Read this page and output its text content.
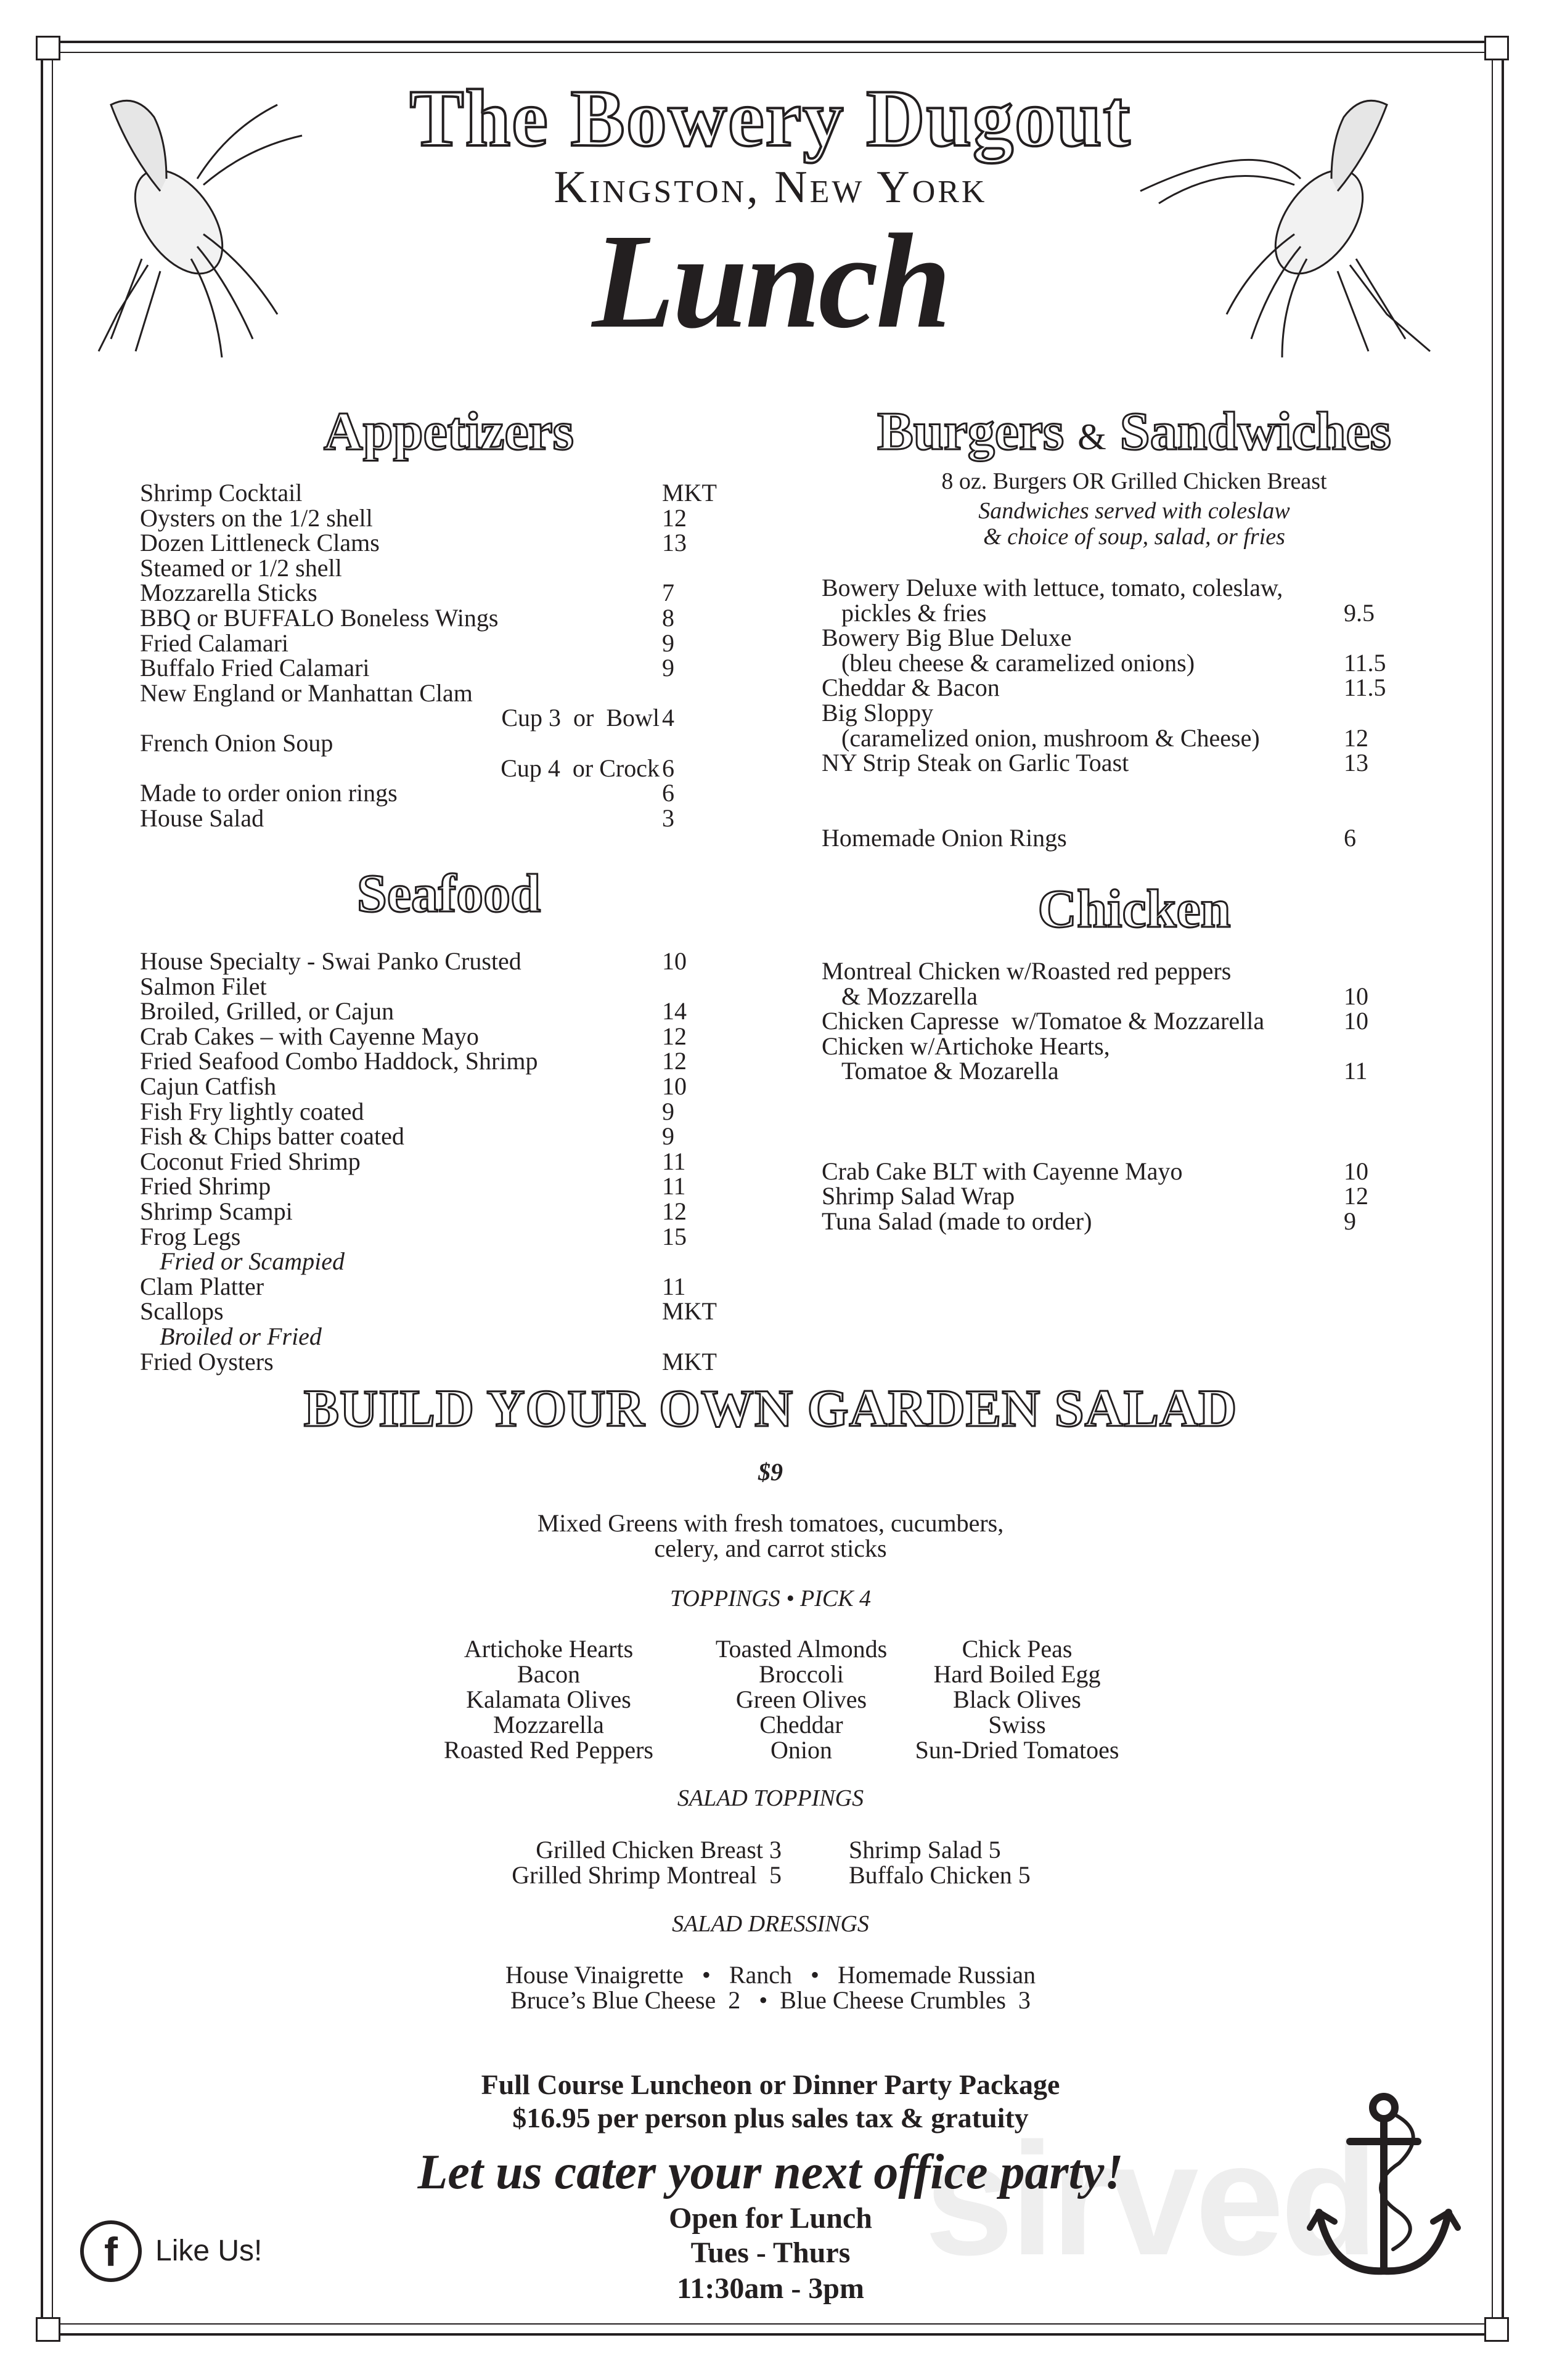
sirved
The Bowery Dugout
Kingston, New York
Lunch
Appetizers
Shrimp Cocktail	MKT
Oysters on the 1/2 shell	12
Dozen Littleneck Clams	13
Steamed or 1/2 shell
Mozzarella Sticks	7
BBQ or BUFFALO Boneless Wings	8
Fried Calamari	9
Buffalo Fried Calamari	9
New England or Manhattan Clam
Cup 3  or  Bowl 4
French Onion Soup
Cup 4  or Crock 6
Made to order onion rings	6
House Salad	3
Seafood
House Specialty - Swai Panko Crusted	10
Salmon Filet
Broiled, Grilled, or Cajun	14
Crab Cakes – with Cayenne Mayo	12
Fried Seafood Combo Haddock, Shrimp	12
Cajun Catfish	10
Fish Fry lightly coated	9
Fish & Chips batter coated	9
Coconut Fried Shrimp	11
Fried Shrimp	11
Shrimp Scampi	12
Frog Legs	15
Fried or Scampied
Clam Platter	11
Scallops	MKT
Broiled or Fried
Fried Oysters	MKT
Burgers & Sandwiches
8 oz. Burgers OR Grilled Chicken Breast
Sandwiches served with coleslaw
& choice of soup, salad, or fries
Bowery Deluxe with lettuce, tomato, coleslaw,
pickles & fries	9.5
Bowery Big Blue Deluxe
(bleu cheese & caramelized onions)	11.5
Cheddar & Bacon	11.5
Big Sloppy
(caramelized onion, mushroom & Cheese)	12
NY Strip Steak on Garlic Toast	13
Homemade Onion Rings	6
Chicken
Montreal Chicken w/Roasted red peppers
& Mozzarella	10
Chicken Capresse  w/Tomatoe & Mozzarella	10
Chicken w/Artichoke Hearts,
Tomatoe & Mozarella	11
Crab Cake BLT with Cayenne Mayo	10
Shrimp Salad Wrap	12
Tuna Salad (made to order)	9
BUILD YOUR OWN GARDEN SALAD
$9
Mixed Greens with fresh tomatoes, cucumbers,
celery, and carrot sticks
TOPPINGS • PICK 4
Artichoke Hearts	Toasted Almonds	Chick Peas
Bacon	Broccoli	Hard Boiled Egg
Kalamata Olives	Green Olives	Black Olives
Mozzarella	Cheddar	Swiss
Roasted Red Peppers	Onion	Sun-Dried Tomatoes
SALAD TOPPINGS
Grilled Chicken Breast 3	Shrimp Salad 5
Grilled Shrimp Montreal  5	Buffalo Chicken 5
SALAD DRESSINGS
House Vinaigrette   •   Ranch   •   Homemade Russian
Bruce’s Blue Cheese  2   •  Blue Cheese Crumbles  3
Full Course Luncheon or Dinner Party Package
$16.95 per person plus sales tax & gratuity
Let us cater your next office party!
Open for Lunch
Tues - Thurs
11:30am - 3pm
f	Like Us!
